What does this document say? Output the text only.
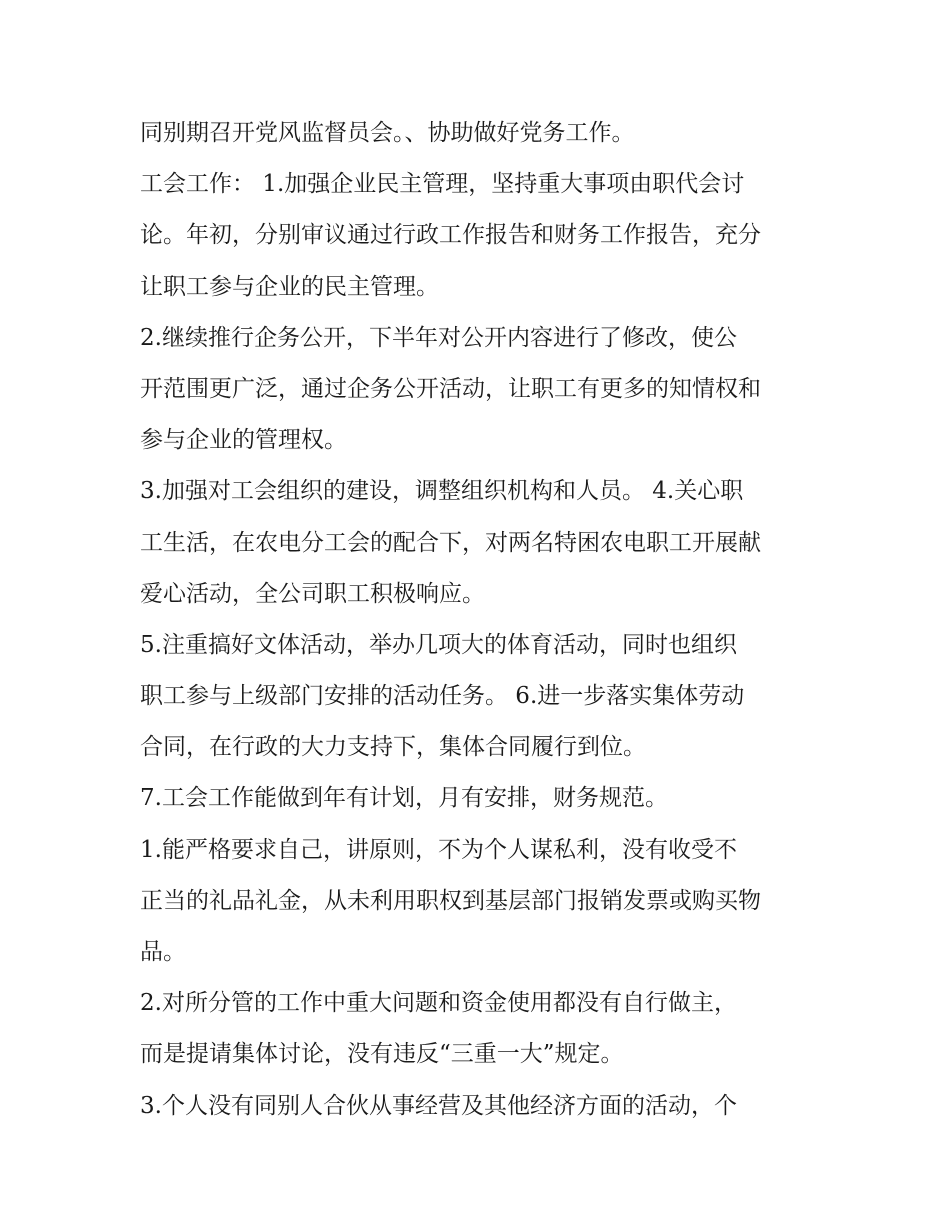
同别期召开党风监督员会。、协助做好党务工作。
工会工作： 1.加强企业民主管理，坚持重大事项由职代会讨
论。年初，分别审议通过行政工作报告和财务工作报告，充分
让职工参与企业的民主管理。
2.继续推行企务公开，下半年对公开内容进行了修改，使公
开范围更广泛，通过企务公开活动，让职工有更多的知情权和
参与企业的管理权。
3.加强对工会组织的建设，调整组织机构和人员。 4.关心职
工生活，在农电分工会的配合下，对两名特困农电职工开展献
爱心活动，全公司职工积极响应。
5.注重搞好文体活动，举办几项大的体育活动，同时也组织
职工参与上级部门安排的活动任务。 6.进一步落实集体劳动
合同，在行政的大力支持下，集体合同履行到位。
7.工会工作能做到年有计划，月有安排，财务规范。
1.能严格要求自己，讲原则，不为个人谋私利，没有收受不
正当的礼品礼金，从未利用职权到基层部门报销发票或购买物
品。
2.对所分管的工作中重大问题和资金使用都没有自行做主，
而是提请集体讨论，没有违反“三重一大”规定。
3.个人没有同别人合伙从事经营及其他经济方面的活动，个
